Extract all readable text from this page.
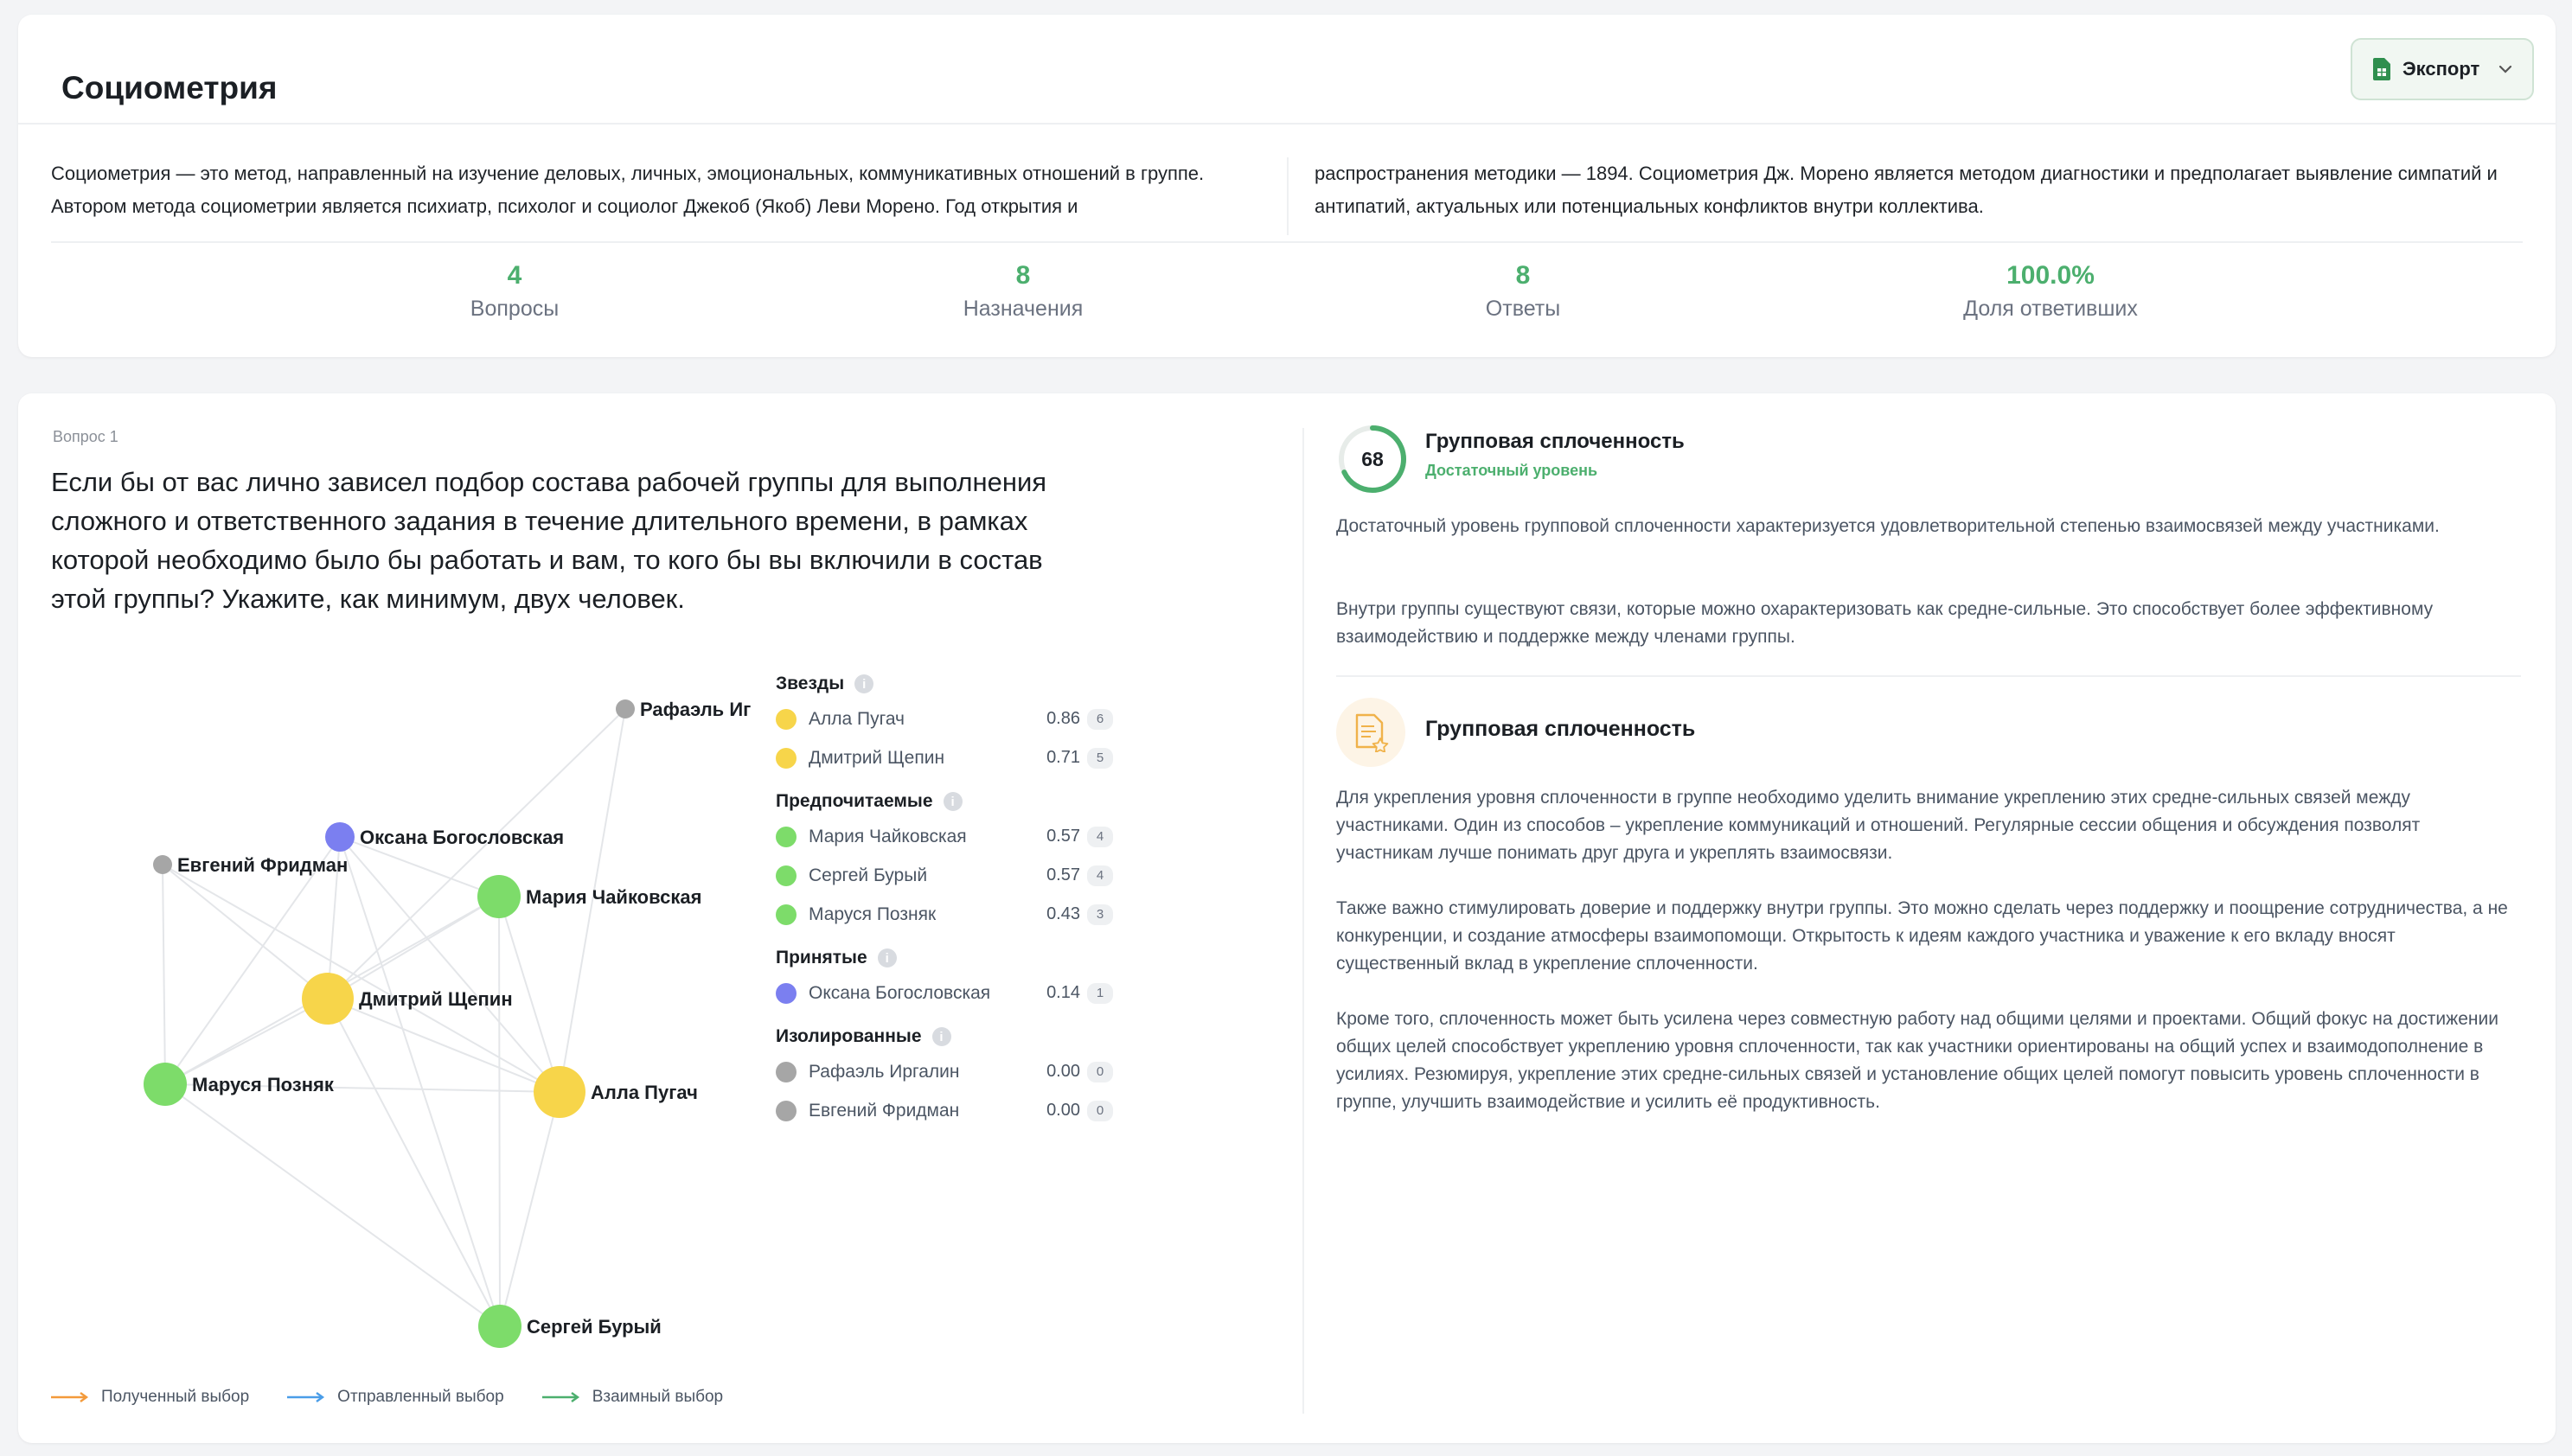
Социометрия
Экспорт
Социометрия — это метод, направленный на изучение деловых, личных, эмоциональных, коммуникативных отношений в группе. Автором метода социометрии является психиатр, психолог и социолог Джекоб (Якоб) Леви Морено. Год открытия и
распространения методики — 1894. Социометрия Дж. Морено является методом диагностики и предполагает выявление симпатий и антипатий, актуальных или потенциальных конфликтов внутри коллектива.
4
Вопросы
8
Назначения
8
Ответы
100.0%
Доля ответивших
Вопрос 1
Если бы от вас лично зависел подбор состава рабочей группы для выполнения сложного и ответственного задания в течение длительного времени, в рамках которой необходимо было бы работать и вам, то кого бы вы включили в состав этой группы? Укажите, как минимум, двух человек.
Рафаэль Иг
Оксана Богословская
Евгений Фридман
Мария Чайковская
Дмитрий Щепин
Маруся Позняк	Алла Пугач
Сергей Бурый
Звезды	i
Алла Пугач	0.86	6
Дмитрий Щепин	0.71	5
Предпочитаемые	i
Мария Чайковская	0.57	4
Сергей Бурый	0.57	4
Маруся Позняк	0.43	3
Принятые	i
Оксана Богословская	0.14	1
Изолированные	i
Рафаэль Иргалин	0.00	0
Евгений Фридман	0.00	0
Полученный выбор	Отправленный выбор	Взаимный выбор
68
Групповая сплоченность
Достаточный уровень
Достаточный уровень групповой сплоченности характеризуется удовлетворительной степенью взаимосвязей между участниками.
Внутри группы существуют связи, которые можно охарактеризовать как средне-сильные. Это способствует более эффективному взаимодействию и поддержке между членами группы.
Групповая сплоченность
Для укрепления уровня сплоченности в группе необходимо уделить внимание укреплению этих средне-сильных связей между участниками. Один из способов – укрепление коммуникаций и отношений. Регулярные сессии общения и обсуждения позволят участникам лучше понимать друг друга и укреплять взаимосвязи.
Также важно стимулировать доверие и поддержку внутри группы. Это можно сделать через поддержку и поощрение сотрудничества, а не конкуренции, и создание атмосферы взаимопомощи. Открытость к идеям каждого участника и уважение к его вкладу вносят существенный вклад в укрепление сплоченности.
Кроме того, сплоченность может быть усилена через совместную работу над общими целями и проектами. Общий фокус на достижении общих целей способствует укреплению уровня сплоченности, так как участники ориентированы на общий успех и взаимодополнение в усилиях. Резюмируя, укрепление этих средне-сильных связей и установление общих целей помогут повысить уровень сплоченности в группе, улучшить взаимодействие и усилить её продуктивность.
